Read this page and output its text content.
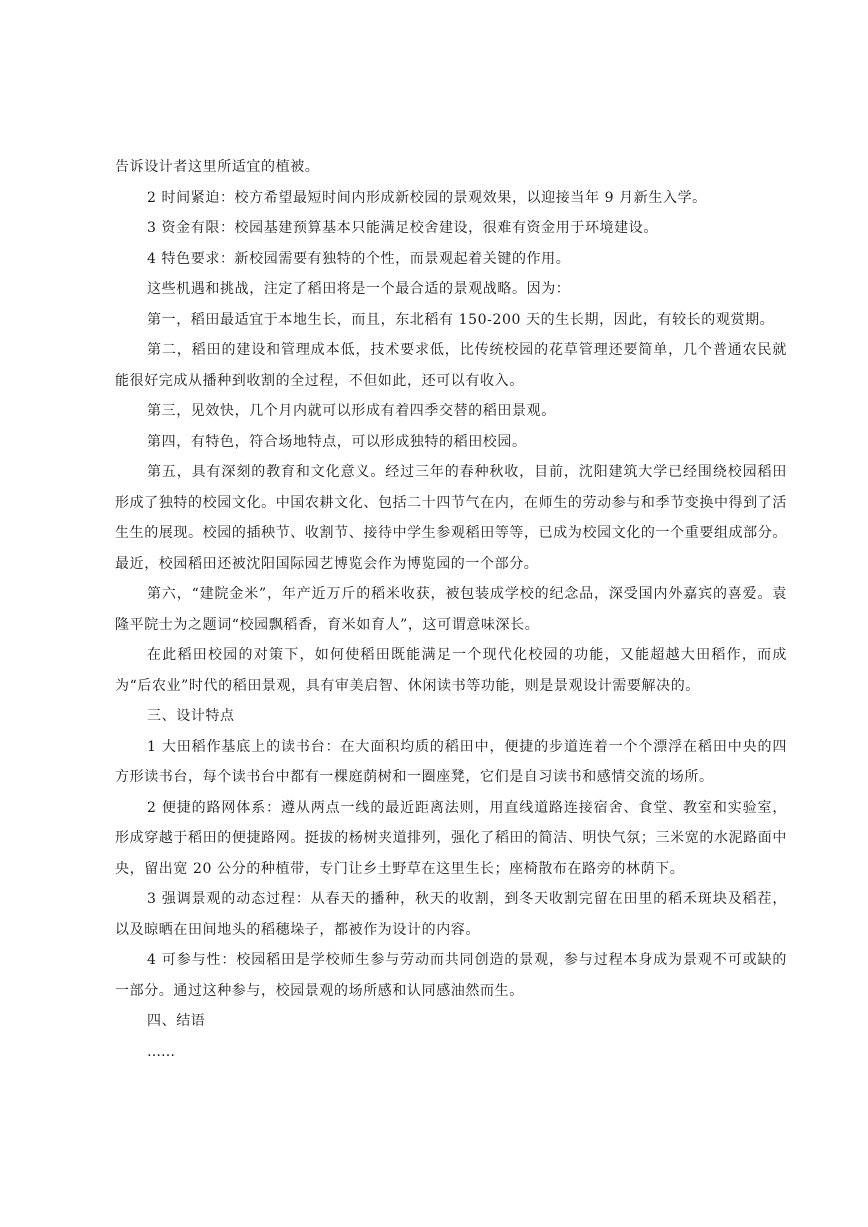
告诉设计者这里所适宜的植被。

2 时间紧迫：校方希望最短时间内形成新校园的景观效果，以迎接当年 9 月新生入学。

3 资金有限：校园基建预算基本只能满足校舍建设，很难有资金用于环境建设。

4 特色要求：新校园需要有独特的个性，而景观起着关键的作用。

这些机遇和挑战，注定了稻田将是一个最合适的景观战略。因为：

第一，稻田最适宜于本地生长，而且，东北稻有 150-200 天的生长期，因此，有较长的观赏期。

第二，稻田的建设和管理成本低，技术要求低，比传统校园的花草管理还要简单，几个普通农民就能很好完成从播种到收割的全过程，不但如此，还可以有收入。

第三，见效快，几个月内就可以形成有着四季交替的稻田景观。

第四，有特色，符合场地特点，可以形成独特的稻田校园。

第五，具有深刻的教育和文化意义。经过三年的春种秋收，目前，沈阳建筑大学已经围绕校园稻田形成了独特的校园文化。中国农耕文化、包括二十四节气在内，在师生的劳动参与和季节变换中得到了活生生的展现。校园的插秧节、收割节、接待中学生参观稻田等等，已成为校园文化的一个重要组成部分。最近，校园稻田还被沈阳国际园艺博览会作为博览园的一个部分。

第六，“建院金米”，年产近万斤的稻米收获，被包装成学校的纪念品，深受国内外嘉宾的喜爱。袁隆平院士为之题词“校园飘稻香，育米如育人”，这可谓意味深长。

在此稻田校园的对策下，如何使稻田既能满足一个现代化校园的功能，又能超越大田稻作，而成为“后农业”时代的稻田景观，具有审美启智、休闲读书等功能，则是景观设计需要解决的。

三、设计特点

1 大田稻作基底上的读书台：在大面积均质的稻田中，便捷的步道连着一个个漂浮在稻田中央的四方形读书台，每个读书台中都有一棵庭荫树和一圈座凳，它们是自习读书和感情交流的场所。

2 便捷的路网体系：遵从两点一线的最近距离法则，用直线道路连接宿舍、食堂、教室和实验室，形成穿越于稻田的便捷路网。挺拔的杨树夹道排列，强化了稻田的简洁、明快气氛；三米宽的水泥路面中央，留出宽 20 公分的种植带，专门让乡土野草在这里生长；座椅散布在路旁的林荫下。

3 强调景观的动态过程：从春天的播种，秋天的收割，到冬天收割完留在田里的稻禾斑块及稻茬，以及晾晒在田间地头的稻穗垛子，都被作为设计的内容。

4 可参与性：校园稻田是学校师生参与劳动而共同创造的景观，参与过程本身成为景观不可或缺的一部分。通过这种参与，校园景观的场所感和认同感油然而生。

四、结语

……
